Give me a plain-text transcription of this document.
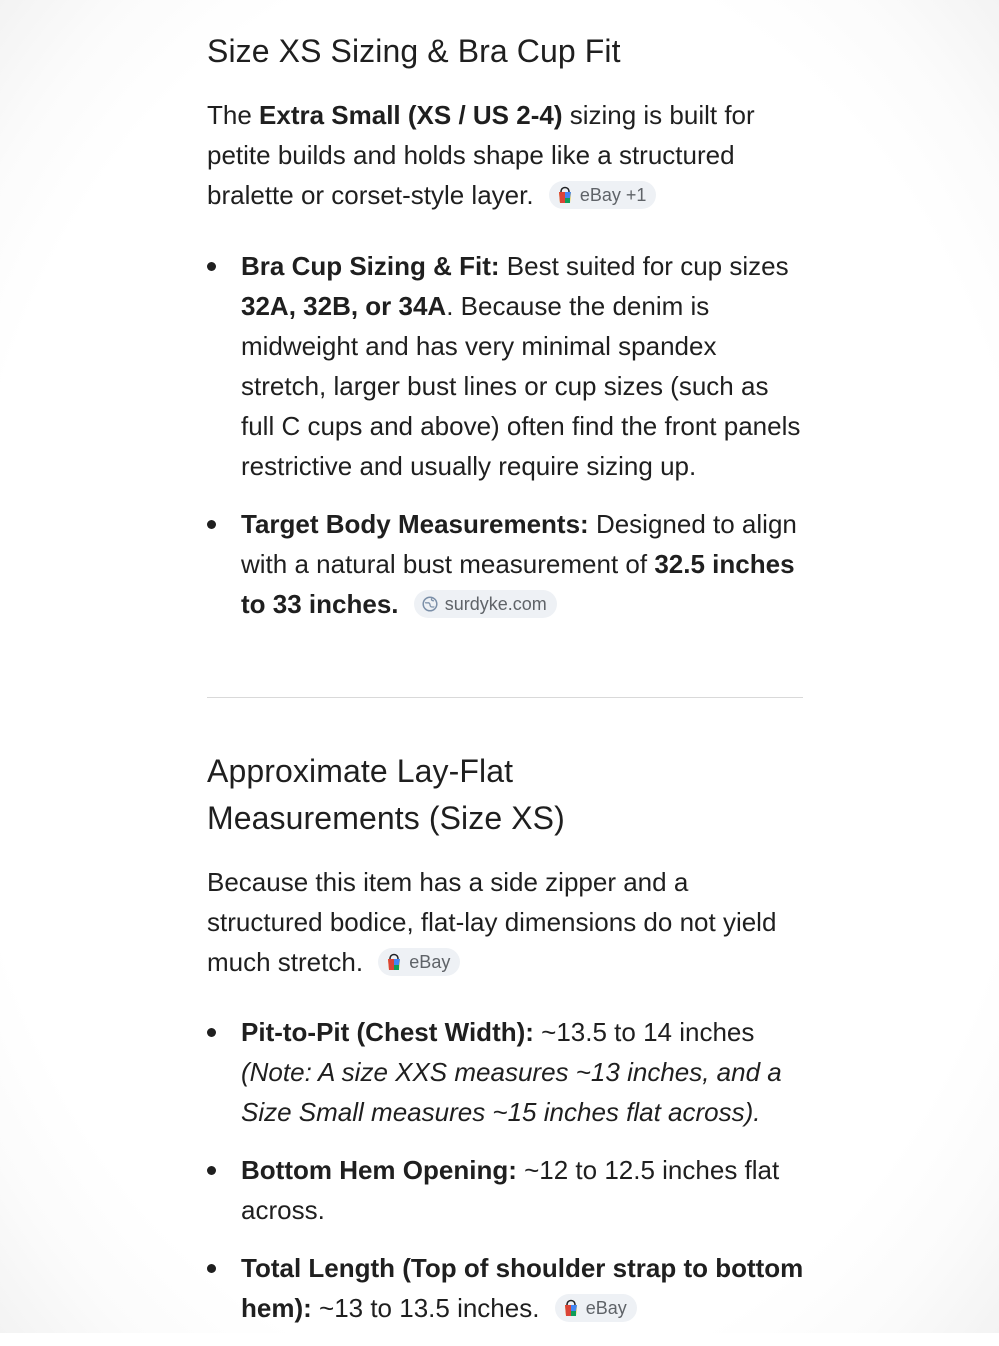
Size XS Sizing & Bra Cup Fit
The Extra Small (XS / US 2-4) sizing is built for petite builds and holds shape like a structured bralette or corset-style layer.	eBay +1
Bra Cup Sizing & Fit: Best suited for cup sizes 32A, 32B, or 34A. Because the denim is midweight and has very minimal spandex stretch, larger bust lines or cup sizes (such as full C cups and above) often find the front panels restrictive and usually require sizing up.
Target Body Measurements: Designed to align with a natural bust measurement of 32.5 inches to 33 inches.	surdyke.com
Approximate Lay-Flat Measurements (Size XS)
Because this item has a side zipper and a structured bodice, flat-lay dimensions do not yield much stretch.	eBay
Pit-to-Pit (Chest Width): ~13.5 to 14 inches (Note: A size XXS measures ~13 inches, and a Size Small measures ~15 inches flat across).
Bottom Hem Opening: ~12 to 12.5 inches flat across.
Total Length (Top of shoulder strap to bottom hem): ~13 to 13.5 inches.	eBay
